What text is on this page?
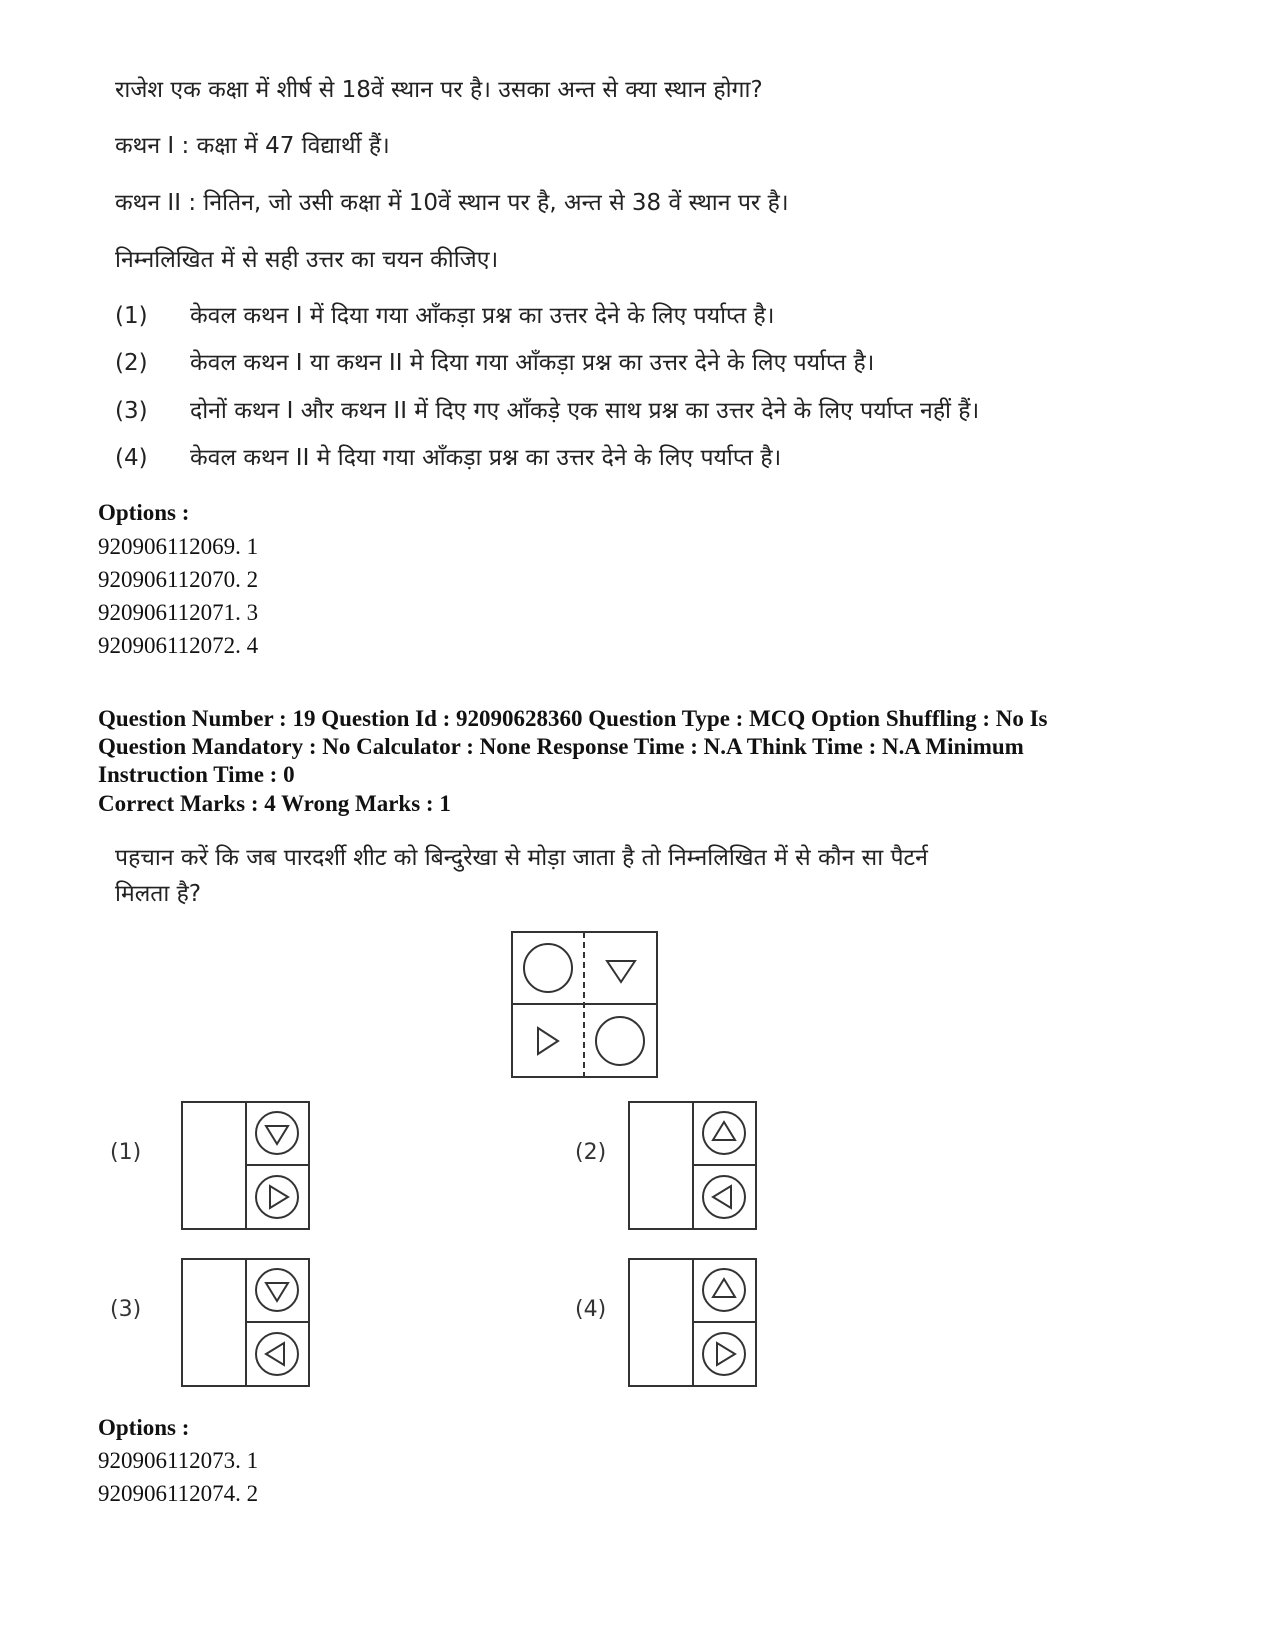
राजेश एक कक्षा में शीर्ष से 18वें स्थान पर है। उसका अन्त से क्या स्थान होगा?

कथन I : कक्षा में 47 विद्यार्थी हैं।

कथन II : नितिन, जो उसी कक्षा में 10वें स्थान पर है, अन्त से 38 वें स्थान पर है।

निम्नलिखित में से सही उत्तर का चयन कीजिए।

(1) केवल कथन I में दिया गया आँकड़ा प्रश्न का उत्तर देने के लिए पर्याप्त है।
(2) केवल कथन I या कथन II मे दिया गया आँकड़ा प्रश्न का उत्तर देने के लिए पर्याप्त है।
(3) दोनों कथन I और कथन II में दिए गए आँकड़े एक साथ प्रश्न का उत्तर देने के लिए पर्याप्त नहीं हैं।
(4) केवल कथन II मे दिया गया आँकड़ा प्रश्न का उत्तर देने के लिए पर्याप्त है।
Options :
920906112069. 1
920906112070. 2
920906112071. 3
920906112072. 4
Question Number : 19 Question Id : 92090628360 Question Type : MCQ Option Shuffling : No Is Question Mandatory : No Calculator : None Response Time : N.A Think Time : N.A Minimum Instruction Time : 0
Correct Marks : 4 Wrong Marks : 1

पहचान करें कि जब पारदर्शी शीट को बिन्दुरेखा से मोड़ा जाता है तो निम्नलिखित में से कौन सा पैटर्न

मिलता है?

(1)	(2)
(3)	(4)
Options :
920906112073. 1
920906112074. 2
